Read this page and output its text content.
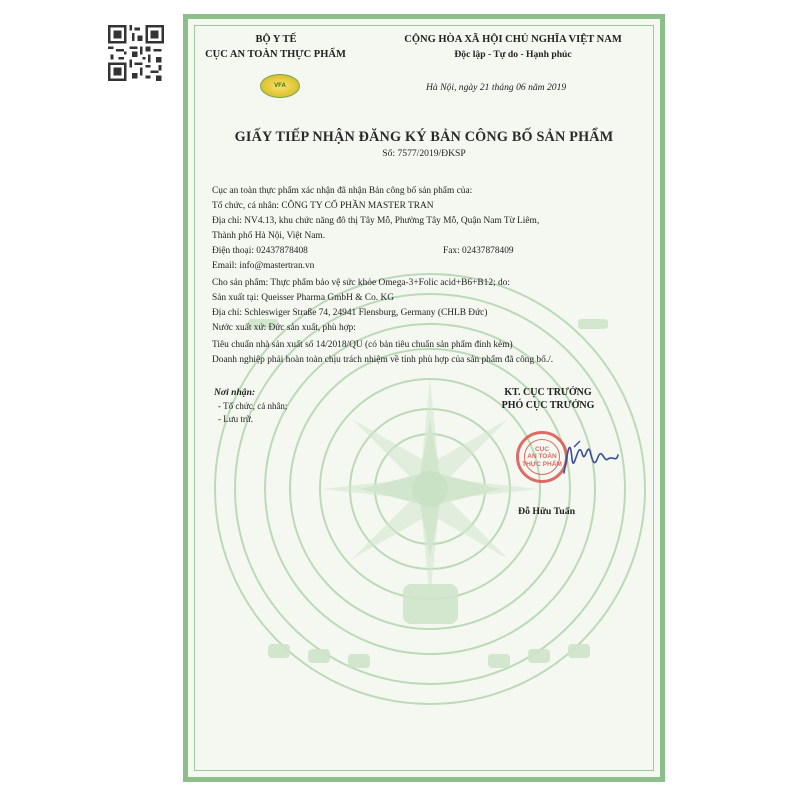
VFA
BỘ Y TẾ
CỤC AN TOÀN THỰC PHẨM
CỘNG HÒA XÃ HỘI CHỦ NGHĨA VIỆT NAM
Độc lập - Tự do - Hạnh phúc
Hà Nội, ngày 21 tháng 06 năm 2019
GIẤY TIẾP NHẬN ĐĂNG KÝ BẢN CÔNG BỐ SẢN PHẨM
Số: 7577/2019/ĐKSP
Cục an toàn thực phẩm xác nhận đã nhận Bản công bố sản phẩm của:
Tổ chức, cá nhân: CÔNG TY CỔ PHẦN MASTER TRAN
Địa chỉ: NV4.13, khu chức năng đô thị Tây Mỗ, Phường Tây Mỗ, Quận Nam Từ Liêm,
Thành phố Hà Nội, Việt Nam.
Điện thoại: 02437878408	Fax: 02437878409
Email: info@mastertran.vn
Cho sản phẩm: Thực phẩm bảo vệ sức khỏe Omega-3+Folic acid+B6+B12; do:
Sản xuất tại: Queisser Pharma GmbH & Co. KG
Địa chỉ: Schleswiger Straße 74, 24941 Flensburg, Germany (CHLB Đức)
Nước xuất xứ: Đức sản xuất, phù hợp:
Tiêu chuẩn nhà sản xuất số 14/2018/QU (có bản tiêu chuẩn sản phẩm đính kèm)
Doanh nghiệp phải hoàn toàn chịu trách nhiệm về tính phù hợp của sản phẩm đã công bố./.
Nơi nhận:
- Tổ chức, cá nhân;
- Lưu trữ.
KT. CỤC TRƯỞNG
PHÓ CỤC TRƯỞNG
CỤC
AN TOÀN
THỰC PHẨM
Đỗ Hữu Tuấn
